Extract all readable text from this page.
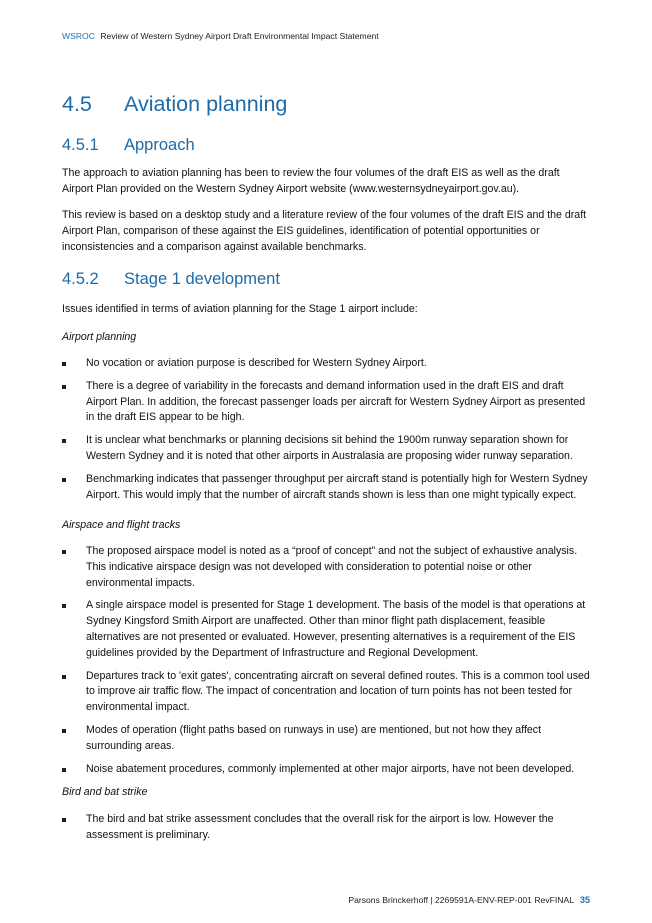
WSROC Review of Western Sydney Airport Draft Environmental Impact Statement
4.5 Aviation planning
4.5.1 Approach

The approach to aviation planning has been to review the four volumes of the draft EIS as well as the draft Airport Plan provided on the Western Sydney Airport website (www.westernsydneyairport.gov.au).

This review is based on a desktop study and a literature review of the four volumes of the draft EIS and the draft Airport Plan, comparison of these against the EIS guidelines, identification of potential opportunities or inconsistencies and a comparison against available benchmarks.

4.5.2 Stage 1 development

Issues identified in terms of aviation planning for the Stage 1 airport include:

Airport planning
No vocation or aviation purpose is described for Western Sydney Airport.
There is a degree of variability in the forecasts and demand information used in the draft EIS and draft Airport Plan. In addition, the forecast passenger loads per aircraft for Western Sydney Airport as presented in the draft EIS appear to be high.
It is unclear what benchmarks or planning decisions sit behind the 1900m runway separation shown for Western Sydney and it is noted that other airports in Australasia are proposing wider runway separation.
Benchmarking indicates that passenger throughput per aircraft stand is potentially high for Western Sydney Airport. This would imply that the number of aircraft stands shown is less than one might typically expect.
Airspace and flight tracks
The proposed airspace model is noted as a “proof of concept” and not the subject of exhaustive analysis. This indicative airspace design was not developed with consideration to potential noise or other environmental impacts.
A single airspace model is presented for Stage 1 development. The basis of the model is that operations at Sydney Kingsford Smith Airport are unaffected. Other than minor flight path displacement, feasible alternatives are not presented or evaluated. However, presenting alternatives is a requirement of the EIS guidelines provided by the Department of Infrastructure and Regional Development.
Departures track to 'exit gates', concentrating aircraft on several defined routes. This is a common tool used to improve air traffic flow. The impact of concentration and location of turn points has not been tested for environmental impact.
Modes of operation (flight paths based on runways in use) are mentioned, but not how they affect surrounding areas.
Noise abatement procedures, commonly implemented at other major airports, have not been developed.
Bird and bat strike
The bird and bat strike assessment concludes that the overall risk for the airport is low. However the assessment is preliminary.
Parsons Brinckerhoff | 2269591A-ENV-REP-001 RevFINAL 35
